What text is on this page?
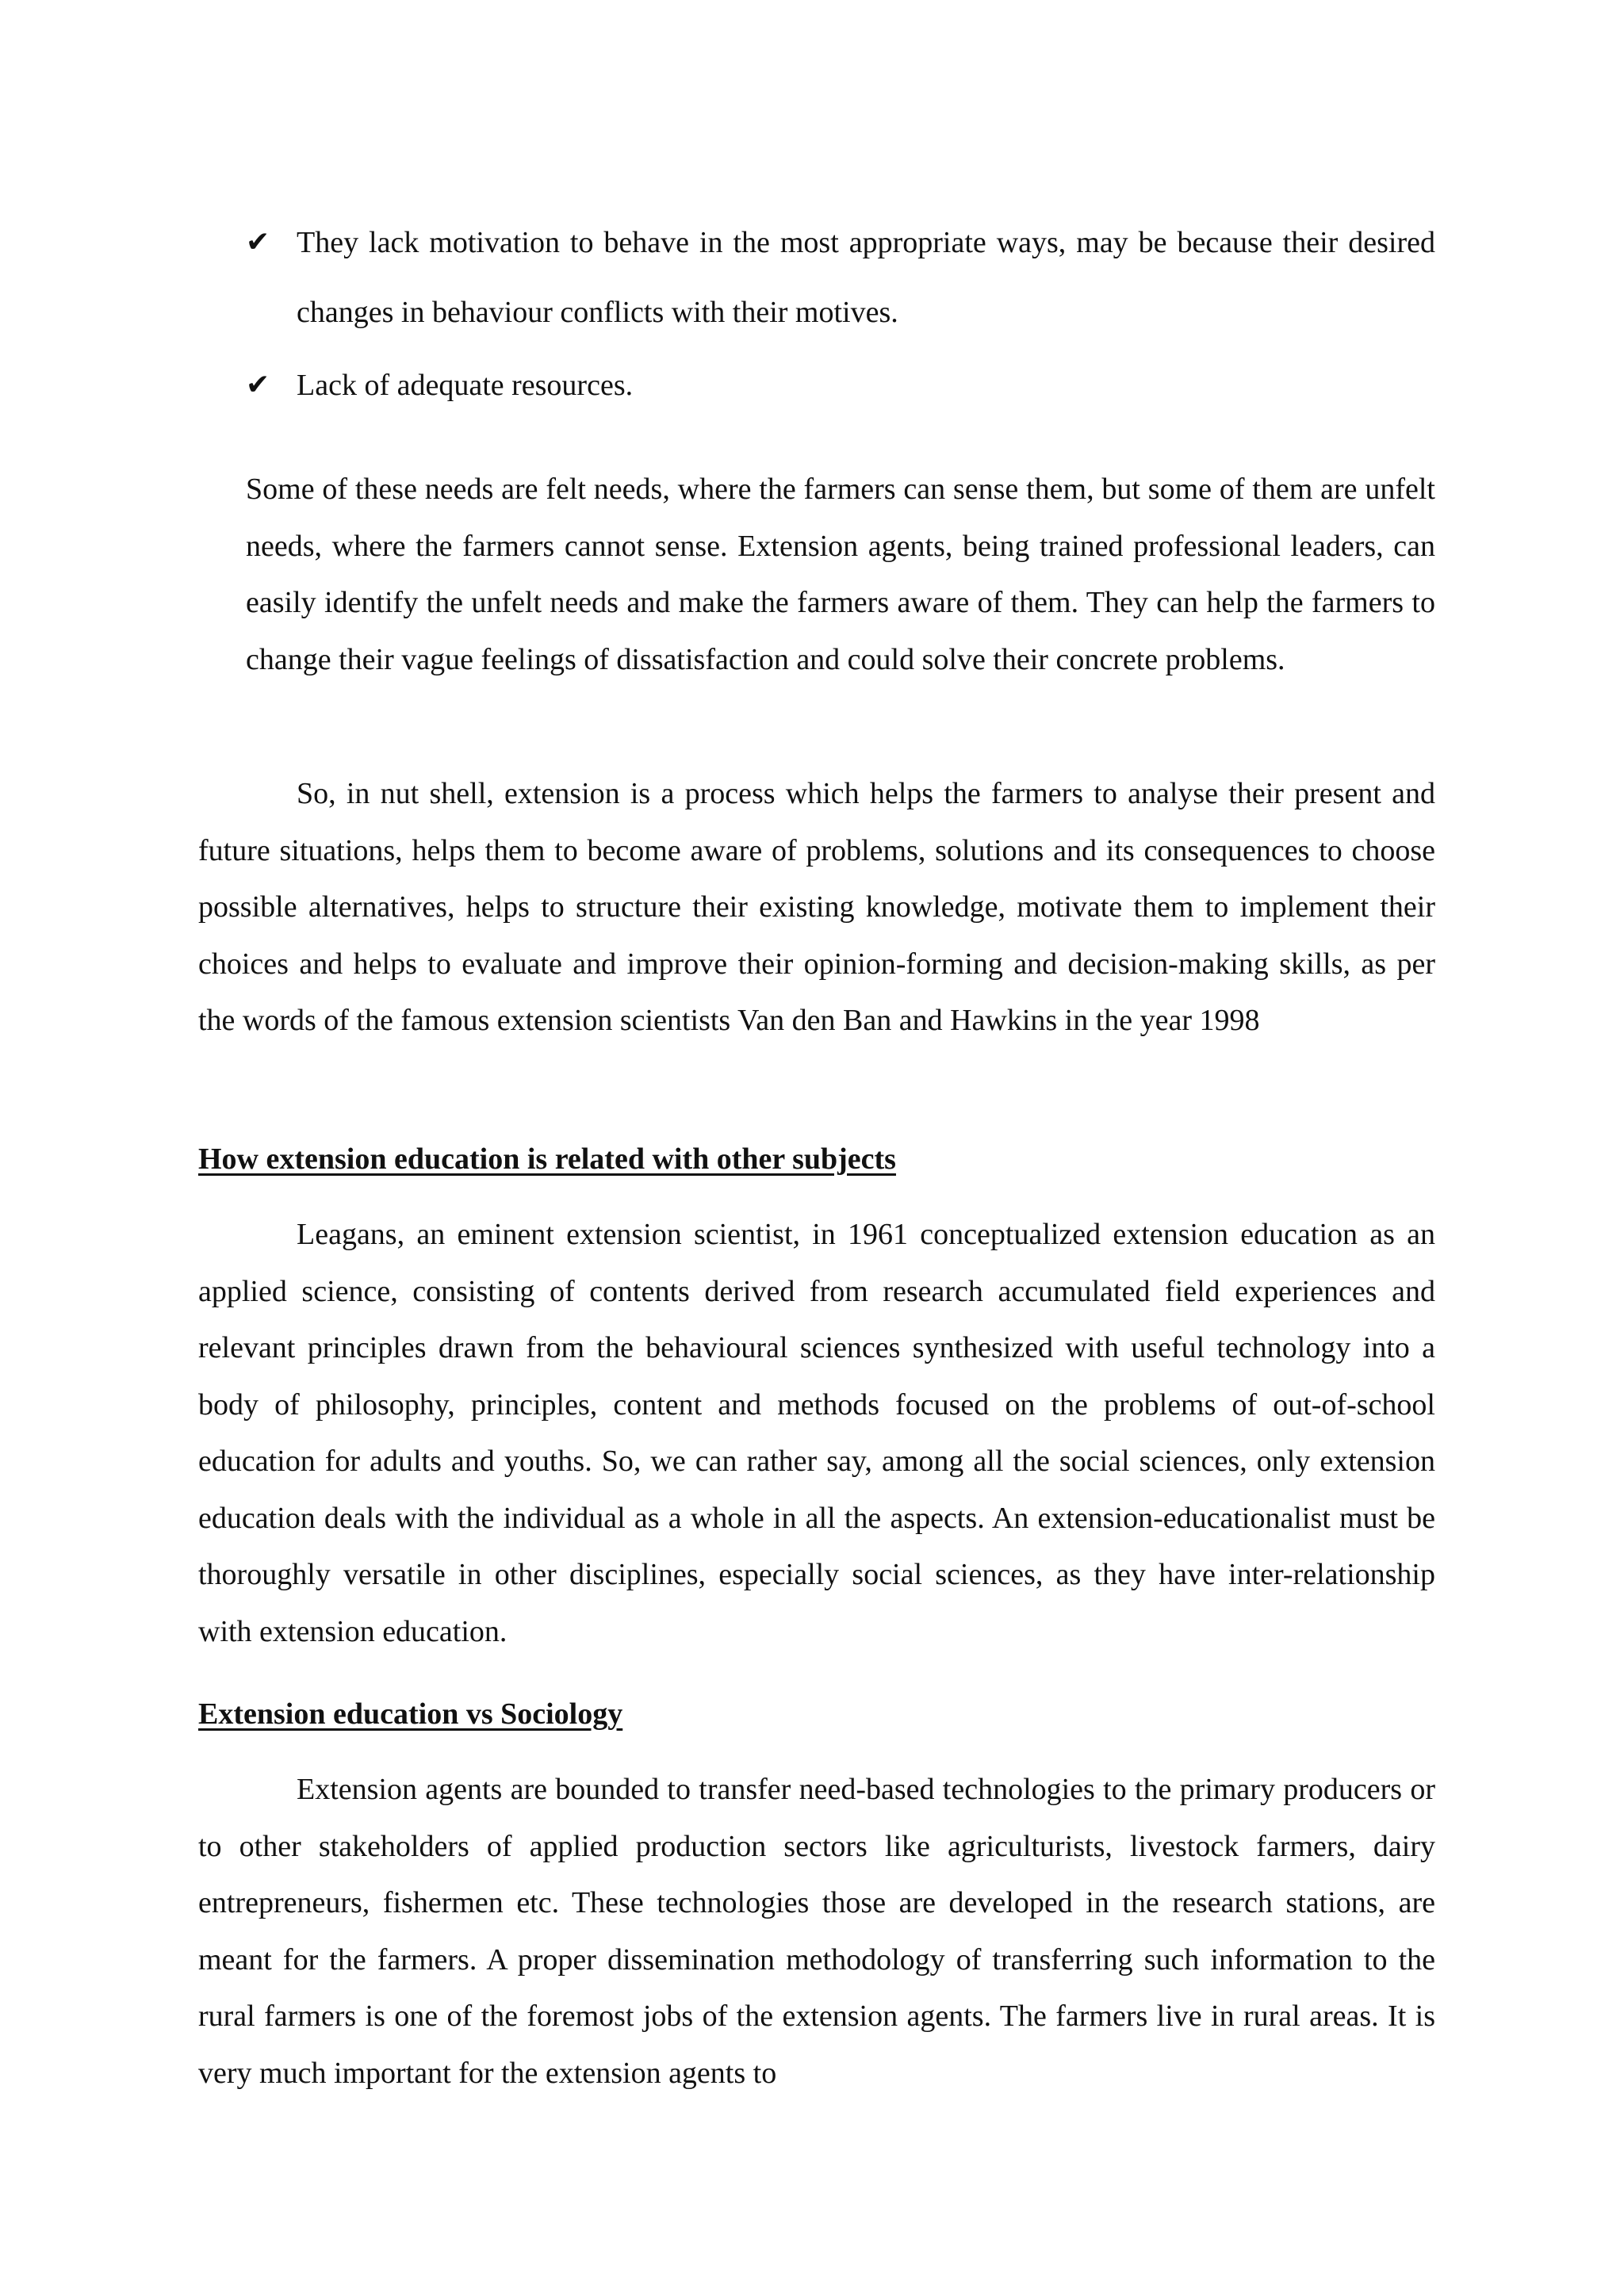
✔ They lack motivation to behave in the most appropriate ways, may be because their desired changes in behaviour conflicts with their motives.
✔ Lack of adequate resources.

Some of these needs are felt needs, where the farmers can sense them, but some of them are unfelt needs, where the farmers cannot sense. Extension agents, being trained professional leaders, can easily identify the unfelt needs and make the farmers aware of them. They can help the farmers to change their vague feelings of dissatisfaction and could solve their concrete problems.

So, in nut shell, extension is a process which helps the farmers to analyse their present and future situations, helps them to become aware of problems, solutions and its consequences to choose possible alternatives, helps to structure their existing knowledge, motivate them to implement their choices and helps to evaluate and improve their opinion-forming and decision-making skills, as per the words of the famous extension scientists Van den Ban and Hawkins in the year 1998

How extension education is related with other subjects

Leagans, an eminent extension scientist, in 1961 conceptualized extension education as an applied science, consisting of contents derived from research accumulated field experiences and relevant principles drawn from the behavioural sciences synthesized with useful technology into a body of philosophy, principles, content and methods focused on the problems of out-of-school education for adults and youths. So, we can rather say, among all the social sciences, only extension education deals with the individual as a whole in all the aspects. An extension-educationalist must be thoroughly versatile in other disciplines, especially social sciences, as they have inter-relationship with extension education.

Extension education vs Sociology

Extension agents are bounded to transfer need-based technologies to the primary producers or to other stakeholders of applied production sectors like agriculturists, livestock farmers, dairy entrepreneurs, fishermen etc. These technologies those are developed in the research stations, are meant for the farmers. A proper dissemination methodology of transferring such information to the rural farmers is one of the foremost jobs of the extension agents. The farmers live in rural areas. It is very much important for the extension agents to
